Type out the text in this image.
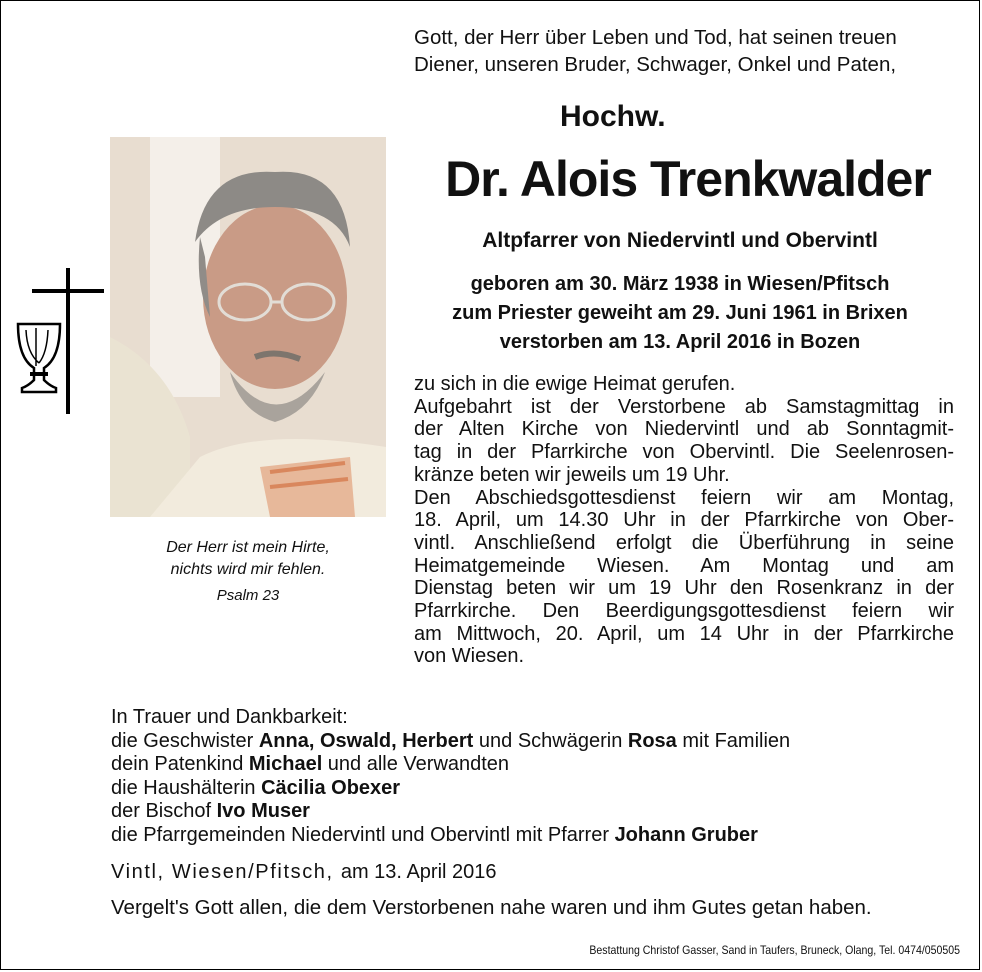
Gott, der Herr über Leben und Tod, hat seinen treuen

Diener, unseren Bruder, Schwager, Onkel und Paten,

Hochw.
Dr. Alois Trenkwalder
Altpfarrer von Niedervintl und Obervintl
geboren am 30. März 1938 in Wiesen/Pfitsch
zum Priester geweiht am 29. Juni 1961 in Brixen
verstorben am 13. April 2016 in Bozen
Der Herr ist mein Hirte,
nichts wird mir fehlen.
Psalm 23

zu sich in die ewige Heimat gerufen.

Aufgebahrt ist der Verstorbene ab Samstagmittag in
der Alten Kirche von Niedervintl und ab Sonntagmit-
tag in der Pfarrkirche von Obervintl. Die Seelenrosen-
kränze beten wir jeweils um 19 Uhr.

Den Abschiedsgottesdienst feiern wir am Montag,
18. April, um 14.30 Uhr in der Pfarrkirche von Ober-
vintl. Anschließend erfolgt die Überführung in seine
Heimatgemeinde Wiesen. Am Montag und am
Dienstag beten wir um 19 Uhr den Rosenkranz in der
Pfarrkirche. Den Beerdigungsgottesdienst feiern wir
am Mittwoch, 20. April, um 14 Uhr in der Pfarrkirche
von Wiesen.

In Trauer und Dankbarkeit:
die Geschwister Anna, Oswald, Herbert und Schwägerin Rosa mit Familien
dein Patenkind Michael und alle Verwandten
die Haushälterin Cäcilia Obexer
der Bischof Ivo Muser
die Pfarrgemeinden Niedervintl und Obervintl mit Pfarrer Johann Gruber
Vintl, Wiesen/Pfitsch, am 13. April 2016
Vergelt's Gott allen, die dem Verstorbenen nahe waren und ihm Gutes getan haben.
Bestattung Christof Gasser, Sand in Taufers, Bruneck, Olang, Tel. 0474/050505
